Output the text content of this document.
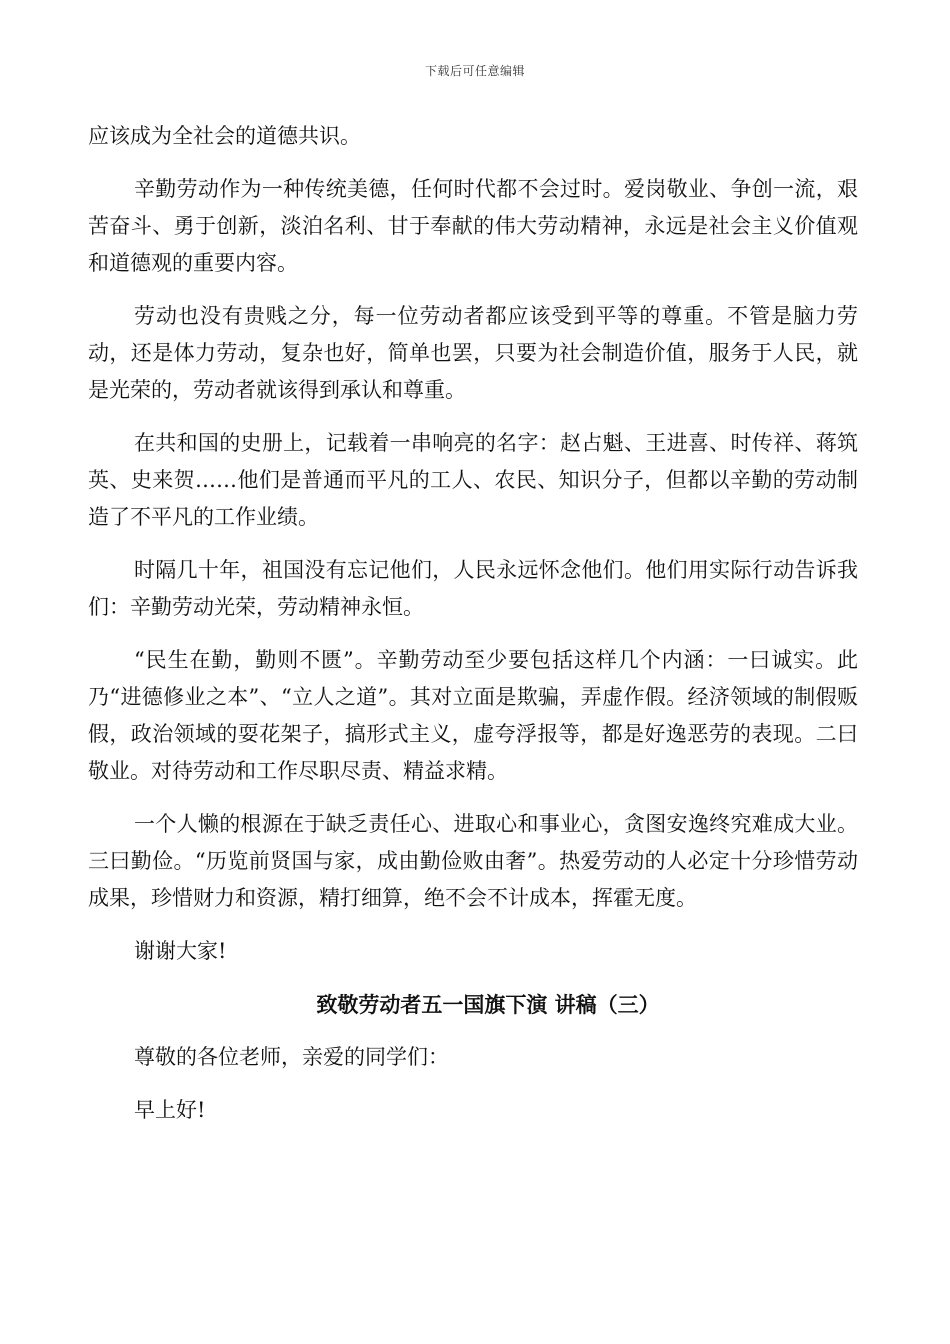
下载后可任意编辑

应该成为全社会的道德共识。

辛勤劳动作为一种传统美德，任何时代都不会过时。爱岗敬业、争创一流，艰苦奋斗、勇于创新，淡泊名利、甘于奉献的伟大劳动精神，永远是社会主义价值观和道德观的重要内容。

劳动也没有贵贱之分，每一位劳动者都应该受到平等的尊重。不管是脑力劳动，还是体力劳动，复杂也好，简单也罢，只要为社会制造价值，服务于人民，就是光荣的，劳动者就该得到承认和尊重。

在共和国的史册上，记载着一串响亮的名字：赵占魁、王进喜、时传祥、蒋筑英、史来贺……他们是普通而平凡的工人、农民、知识分子，但都以辛勤的劳动制造了不平凡的工作业绩。

时隔几十年，祖国没有忘记他们，人民永远怀念他们。他们用实际行动告诉我们：辛勤劳动光荣，劳动精神永恒。

“民生在勤，勤则不匮”。辛勤劳动至少要包括这样几个内涵：一曰诚实。此乃“进德修业之本”、“立人之道”。其对立面是欺骗，弄虚作假。经济领域的制假贩假，政治领域的耍花架子，搞形式主义，虚夸浮报等，都是好逸恶劳的表现。二曰敬业。对待劳动和工作尽职尽责、精益求精。

一个人懒的根源在于缺乏责任心、进取心和事业心，贪图安逸终究难成大业。三曰勤俭。“历览前贤国与家，成由勤俭败由奢”。热爱劳动的人必定十分珍惜劳动成果，珍惜财力和资源，精打细算，绝不会不计成本，挥霍无度。

谢谢大家!

致敬劳动者五一国旗下演 讲稿（三）

尊敬的各位老师，亲爱的同学们：

早上好!
